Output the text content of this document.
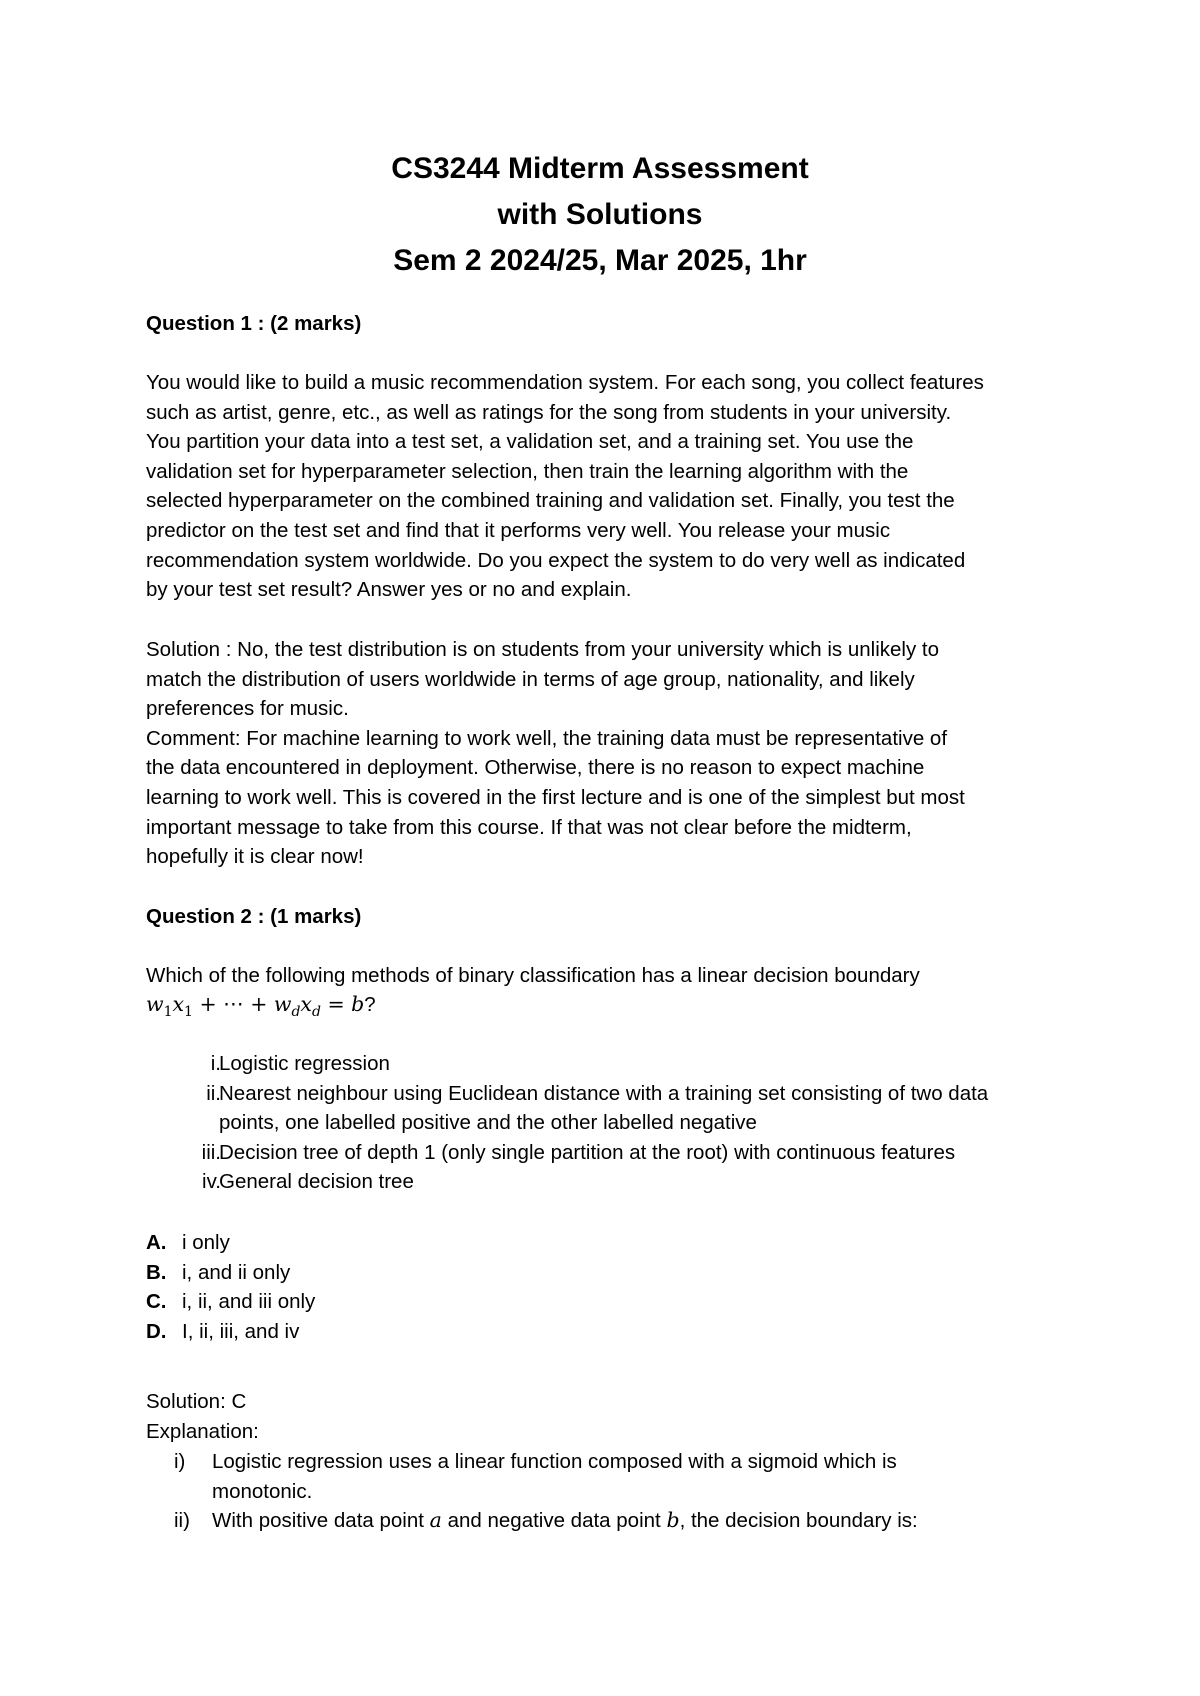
CS3244 Midterm Assessment
with Solutions
Sem 2 2024/25, Mar 2025, 1hr
Question 1 : (2 marks)
You would like to build a music recommendation system. For each song, you collect features
such as artist, genre, etc., as well as ratings for the song from students in your university.
You partition your data into a test set, a validation set, and a training set. You use the
validation set for hyperparameter selection, then train the learning algorithm with the
selected hyperparameter on the combined training and validation set. Finally, you test the
predictor on the test set and find that it performs very well. You release your music
recommendation system worldwide. Do you expect the system to do very well as indicated
by your test set result? Answer yes or no and explain.
Solution : No, the test distribution is on students from your university which is unlikely to
match the distribution of users worldwide in terms of age group, nationality, and likely
preferences for music.
Comment: For machine learning to work well, the training data must be representative of
the data encountered in deployment. Otherwise, there is no reason to expect machine
learning to work well. This is covered in the first lecture and is one of the simplest but most
important message to take from this course. If that was not clear before the midterm,
hopefully it is clear now!
Question 2 : (1 marks)
Which of the following methods of binary classification has a linear decision boundary
$w_1x_1$ + ⋯ + $w_dx_d = b$?
i.
Logistic regression
ii.
Nearest neighbour using Euclidean distance with a training set consisting of two data
points, one labelled positive and the other labelled negative
iii.
Decision tree of depth 1 (only single partition at the root) with continuous features
iv.
General decision tree
A. i only
B. i, and ii only
C. i, ii, and iii only
D. I, ii, iii, and iv
Solution: C
Explanation:
i) Logistic regression uses a linear function composed with a sigmoid which is
monotonic.
ii) With positive data point a and negative data point b, the decision boundary is:
